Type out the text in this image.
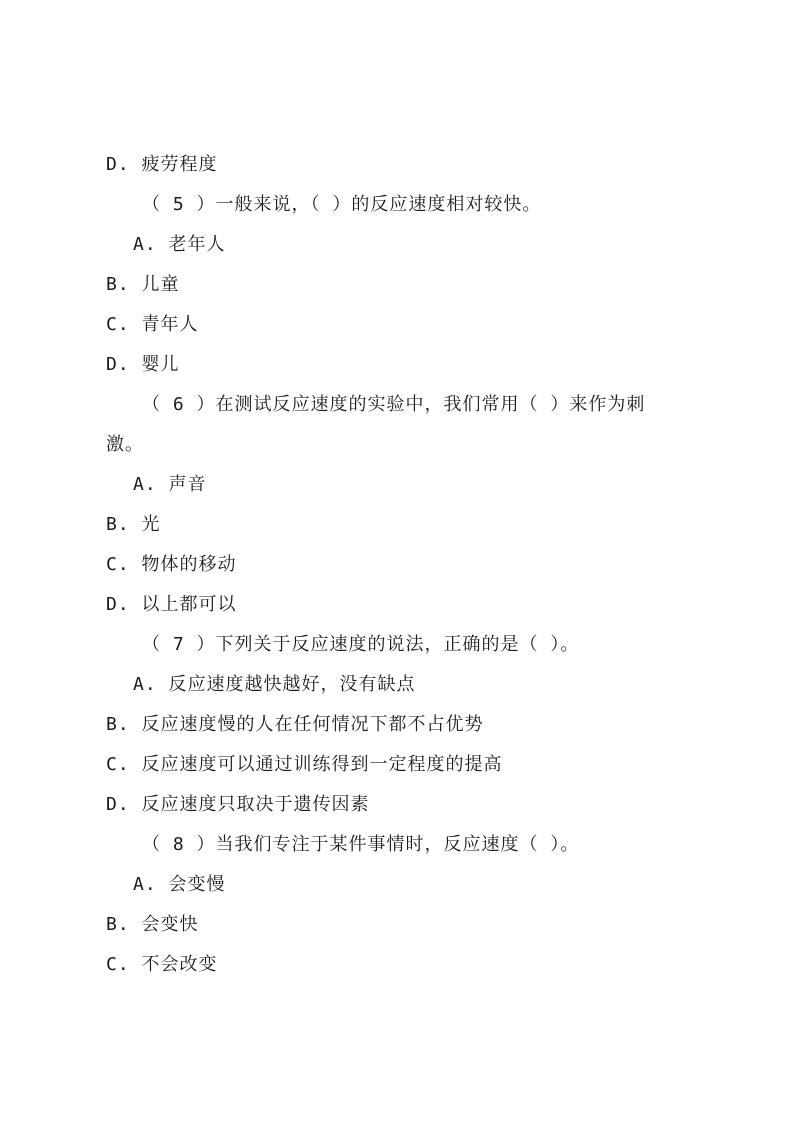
D. 疲劳程度
（ 5 ）一般来说，（ ）的反应速度相对较快。
A. 老年人
B. 儿童
C. 青年人
D. 婴儿
（ 6 ）在测试反应速度的实验中，我们常用（ ）来作为刺
激。
A. 声音
B. 光
C. 物体的移动
D. 以上都可以
（ 7 ）下列关于反应速度的说法，正确的是（ ）。
A. 反应速度越快越好，没有缺点
B. 反应速度慢的人在任何情况下都不占优势
C. 反应速度可以通过训练得到一定程度的提高
D. 反应速度只取决于遗传因素
（ 8 ）当我们专注于某件事情时，反应速度（ ）。
A. 会变慢
B. 会变快
C. 不会改变
